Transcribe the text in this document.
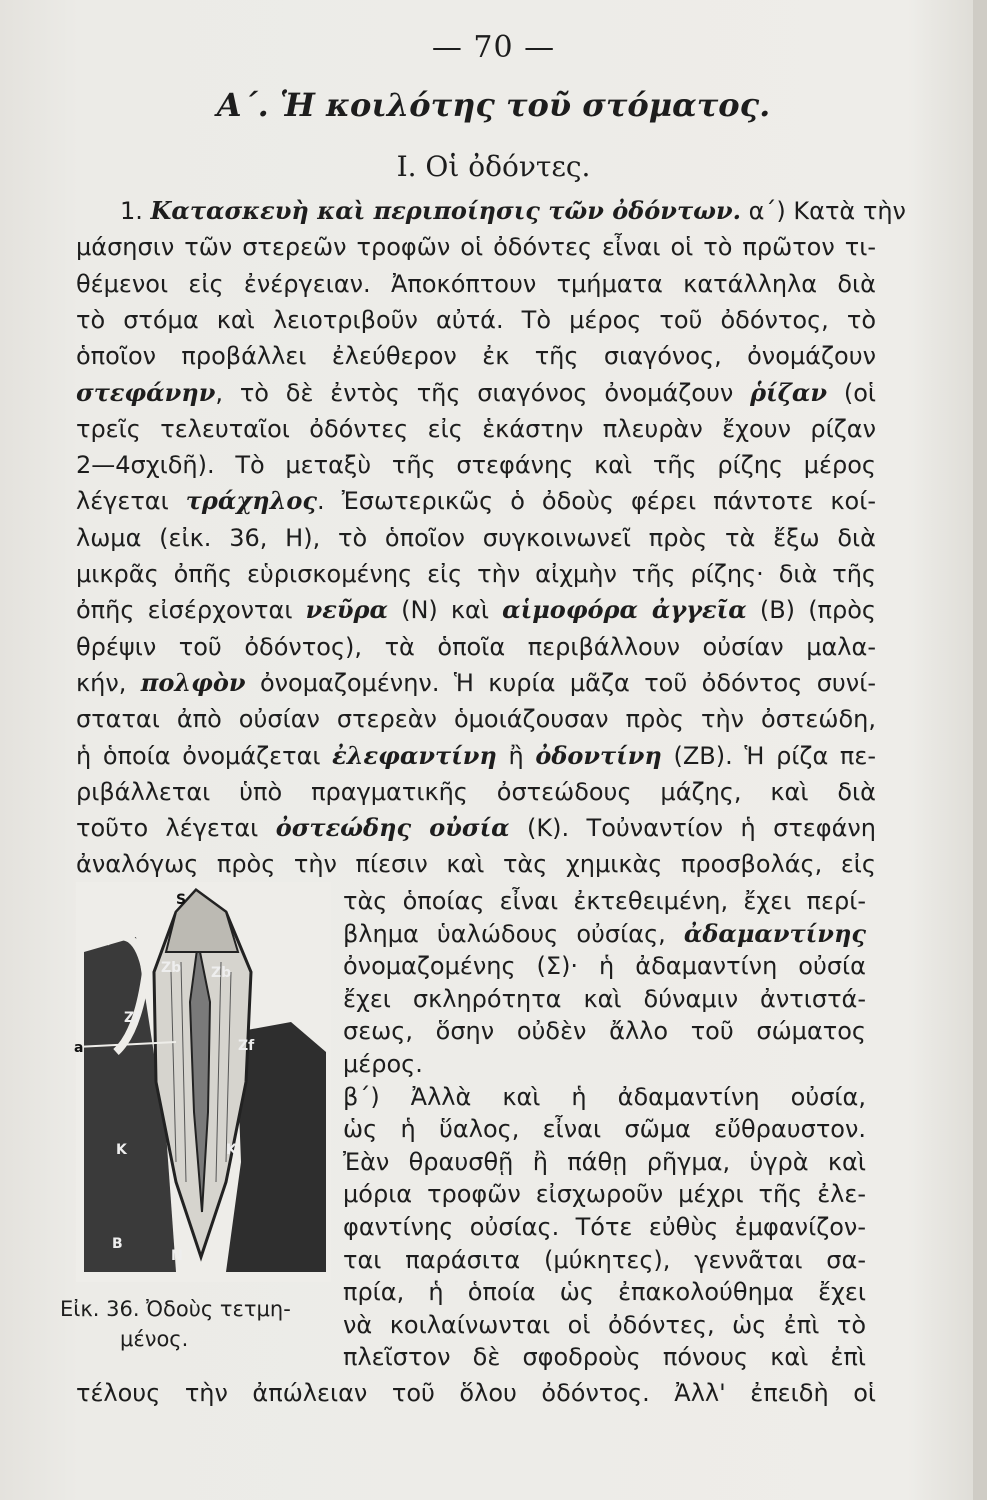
— 70 —
Α΄. Ἡ κοιλότης τοῦ στόματος.
Ι. Οἱ ὀδόντες.
1. Κατασκευὴ καὶ περιποίησις τῶν ὀδόντων. α΄) Κατὰ τὴν
μάσησιν τῶν στερεῶν τροφῶν οἱ ὀδόντες εἶναι οἱ τὸ πρῶτον τι-
θέμενοι εἰς ἐνέργειαν. Ἀποκόπτουν τμήματα κατάλληλα διὰ
τὸ στόμα καὶ λειοτριβοῦν αὐτά. Τὸ μέρος τοῦ ὀδόντος, τὸ
ὁποῖον προβάλλει ἐλεύθερον ἐκ τῆς σιαγόνος, ὀνομάζουν
στεφάνην, τὸ δὲ ἐντὸς τῆς σιαγόνος ὀνομάζουν ῥίζαν (οἱ
τρεῖς τελευταῖοι ὀδόντες εἰς ἑκάστην πλευρὰν ἔχουν ρίζαν
2—4σχιδῆ). Τὸ μεταξὺ τῆς στεφάνης καὶ τῆς ρίζης μέρος
λέγεται τράχηλος. Ἐσωτερικῶς ὁ ὀδοὺς φέρει πάντοτε κοί-
λωμα (εἰκ. 36, Η), τὸ ὁποῖον συγκοινωνεῖ πρὸς τὰ ἔξω διὰ
μικρᾶς ὀπῆς εὑρισκομένης εἰς τὴν αἰχμὴν τῆς ρίζης· διὰ τῆς
ὀπῆς εἰσέρχονται νεῦρα (Ν) καὶ αἱμοφόρα ἀγγεῖα (Β) (πρὸς
θρέψιν τοῦ ὀδόντος), τὰ ὁποῖα περιβάλλουν οὐσίαν μαλα-
κήν, πολφὸν ὀνομαζομένην. Ἡ κυρία μᾶζα τοῦ ὀδόντος συνί-
σταται ἀπὸ οὐσίαν στερεὰν ὁμοιάζουσαν πρὸς τὴν ὀστεώδη,
ἡ ὁποία ὀνομάζεται ἐλεφαντίνη ἢ ὀδοντίνη (ΖΒ). Ἡ ρίζα πε-
ριβάλλεται ὑπὸ πραγματικῆς ὀστεώδους μάζης, καὶ διὰ
τοῦτο λέγεται ὀστεώδης οὐσία (Κ). Τοὐναντίον ἡ στεφάνη
ἀναλόγως πρὸς τὴν πίεσιν καὶ τὰς χημικὰς προσβολάς, εἰς
τὰς ὁποίας εἶναι ἐκτεθειμένη, ἔχει περί-
βλημα ὑαλώδους οὐσίας, ἀδαμαντίνης
ὀνομαζομένης (Σ)· ἡ ἀδαμαντίνη οὐσία
ἔχει σκληρότητα καὶ δύναμιν ἀντιστά-
σεως, ὅσην οὐδὲν ἄλλο τοῦ σώματος
μέρος.
β΄) Ἀλλὰ καὶ ἡ ἀδαμαντίνη οὐσία,
ὡς ἡ ὕαλος, εἶναι σῶμα εὔθραυστον.
Ἐὰν θραυσθῇ ἢ πάθῃ ρῆγμα, ὑγρὰ καὶ
μόρια τροφῶν εἰσχωροῦν μέχρι τῆς ἐλε-
φαντίνης οὐσίας. Τότε εὐθὺς ἐμφανίζον-
ται παράσιτα (μύκητες), γεννᾶται σα-
πρία, ἡ ὁποία ὡς ἐπακολούθημα ἔχει
νὰ κοιλαίνωνται οἱ ὀδόντες, ὡς ἐπὶ τὸ
πλεῖστον δὲ σφοδροὺς πόνους καὶ ἐπὶ
τέλους τὴν ἀπώλειαν τοῦ ὅλου ὀδόντος. Ἀλλ' ἐπειδὴ οἱ
S
Zb Zb
Zf
Zf
K	K
B
N
a
Εἰκ. 36. Ὀδοὺς τετμη-
μένος.
